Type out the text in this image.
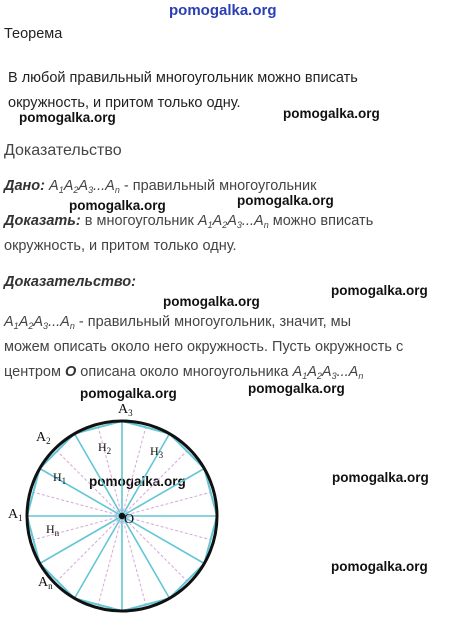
pomogalka.org
pomogalka.org	pomogalka.org
pomogalka.org	pomogalka.org
pomogalka.org
pomogalka.org
pomogalka.org
pomogalka.org
pomogalka.org	pomogalka.org
pomogalka.org
Теорема
В любой правильный многоугольник можно вписать
окружность, и притом только одну.
Доказательство
Дано: $A_1A_2A_3...A_n$ - правильный многоугольник
Доказать: в многоугольник $A_1A_2A_3...A_n$ можно вписать
окружность, и притом только одну.
Доказательство:
$A_1A_2A_3...A_n$ - правильный многоугольник, значит, мы
можем описать около него окружность. Пусть окружность с
центром O описана около многоугольника $A_1A_2A_3...A_n$
$A_3$
$A_2$
$A_1$
$A_n$
$H_2$	$H_3$
$H_1$
$H_n$
O
